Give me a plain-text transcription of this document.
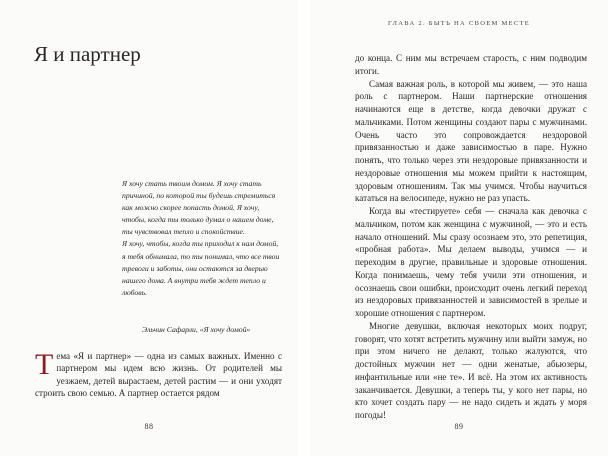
Я и партнер

Я хочу стать твоим домом. Я хочу стать причиной, по которой ты будешь стремиться как можно скорее попасть домой. Я хочу, чтобы, когда ты только думал о нашем доме, ты чувствовал тепло и спокойствие.

Я хочу, чтобы, когда ты приходил к нам домой, я тебя обнимала, то ты понимал, что все твои тревоги и заботы, они остаются за дверью нашего дома. А внутри тебя ждет тепло и любовь.

Эльчин Сафарли, «Я хочу домой»

Тема «Я и партнер» — одна из самых важных. Именно с партнером мы идем всю жизнь. От родителей мы уезжаем, детей вырастаем, детей растим — и они уходят строить свою семью. А партнер остается рядом

88
ГЛАВА 2. БЫТЬ НА СВОЕМ МЕСТЕ

до конца. С ним мы встречаем старость, с ним подводим итоги.

Самая важная роль, в которой мы живем, — это наша роль с партнером. Наши партнерские отношения начинаются еще в детстве, когда девочки дружат с мальчиками. Потом женщины создают пары с мужчинами. Очень часто это сопровождается нездоровой привязанностью и даже зависимостью в паре. Нужно понять, что только через эти нездоровые привязанности и нездоровые отношения мы можем прийти к настоящим, здоровым отношениям. Так мы учимся. Чтобы научиться кататься на велосипеде, нужно не раз упасть.

Когда вы «тестируете» себя — сначала как девочка с мальчиком, потом как женщина с мужчиной, — это и есть начало отношений. Мы сразу осознаем это, это репетиция, «пробная работа». Мы делаем выводы, учимся — и переходим в другие, правильные и здоровые отношения. Когда понимаешь, чему тебя учили эти отношения, и осознаешь свои ошибки, происходит очень легкий переход из нездоровых привязанностей и зависимостей в зрелые и хорошие отношения с партнером.

Многие девушки, включая некоторых моих подруг, говорят, что хотят встретить мужчину или выйти замуж, но при этом ничего не делают, только жалуются, что достойных мужчин нет — одни женатые, абьюзеры, инфантильные или «не те». И всё. На этом их активность заканчивается. Девушки, а теперь ты, у кого нет пары, но кто хочет создать пару — не надо сидеть и ждать у моря погоды!

89
